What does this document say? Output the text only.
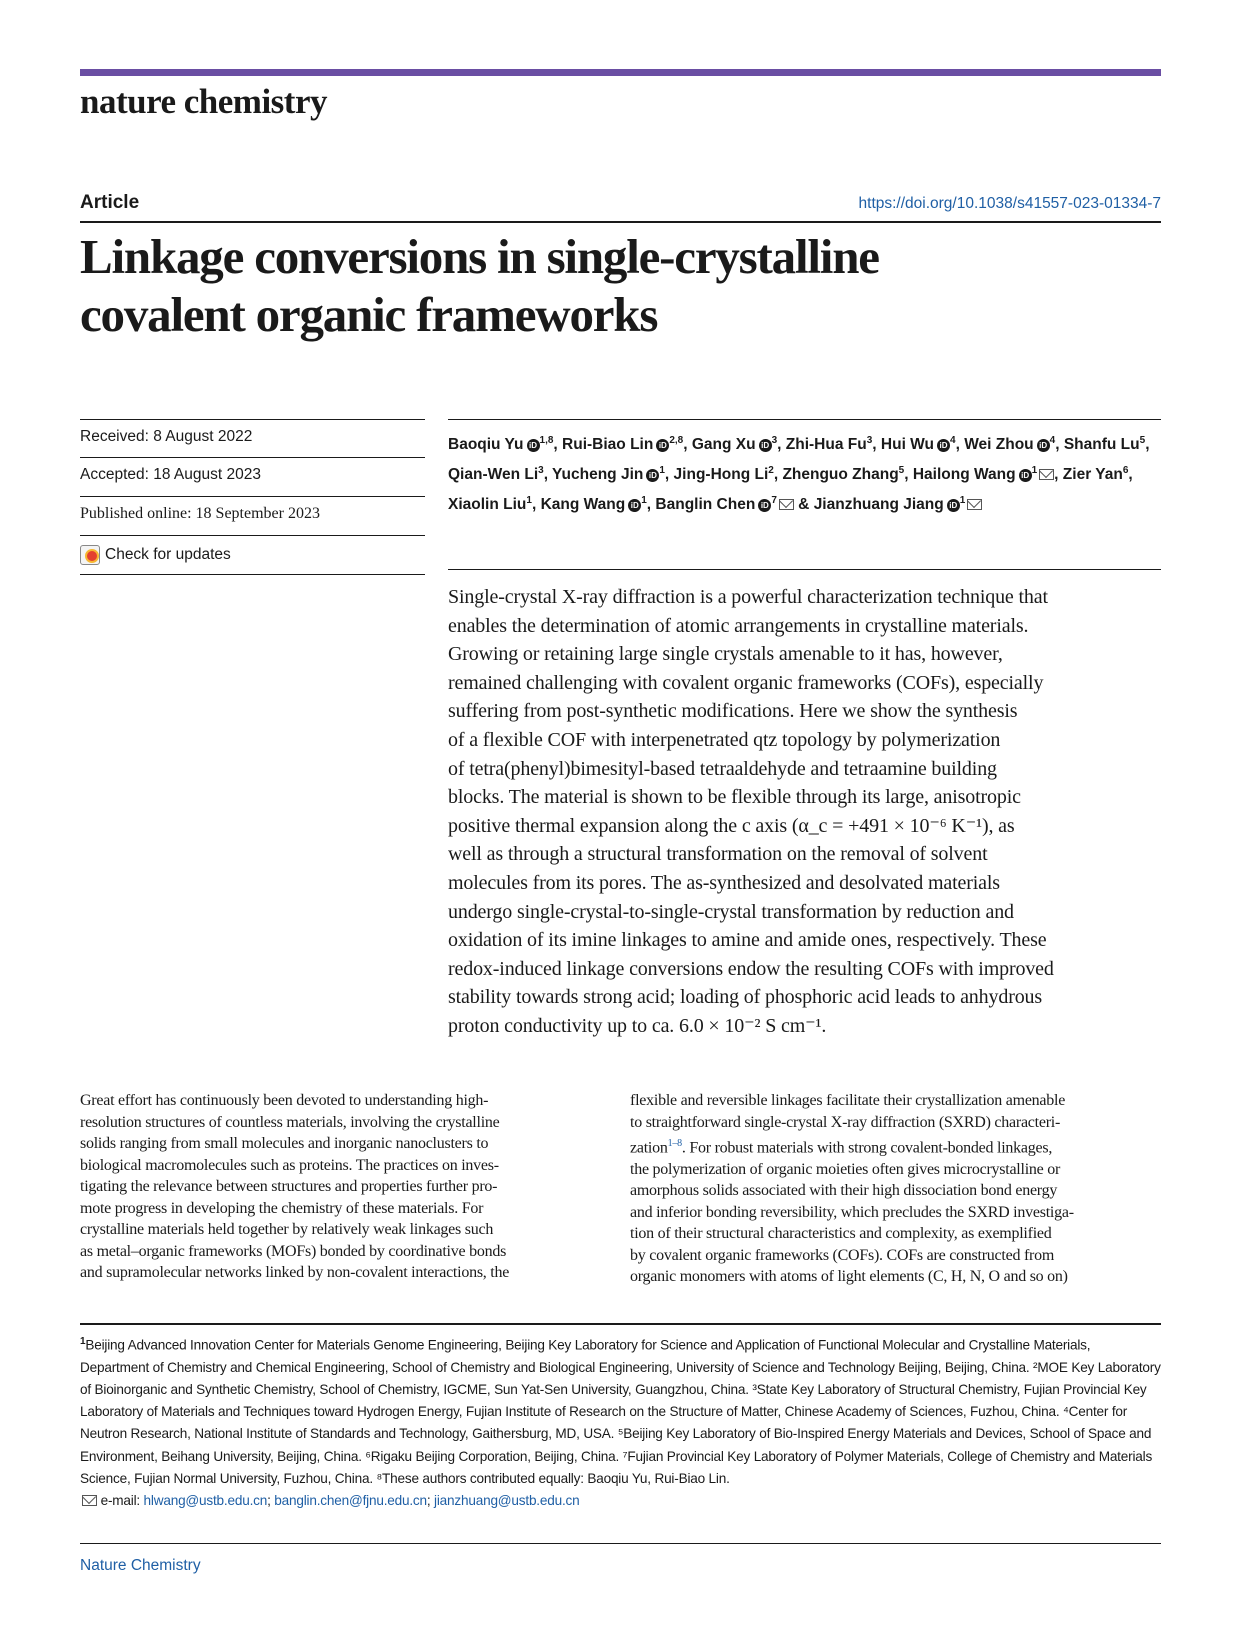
nature chemistry
Article	https://doi.org/10.1038/s41557-023-01334-7
Linkage conversions in single-crystalline
covalent organic frameworks
Received: 8 August 2022
Accepted: 18 August 2023
Published online: 18 September 2023
Check for updates
Baoqiu Yu iD $^{1,8}$, Rui-Biao Lin iD $^{2,8}$, Gang Xu iD $^3$, Zhi-Hua Fu$^3$, Hui Wu iD $^4$, Wei Zhou iD $^4$, Shanfu Lu$^5$, Qian-Wen Li$^3$, Yucheng Jin iD $^1$, Jing-Hong Li$^2$, Zhenguo Zhang$^5$, Hailong Wang iD $^1$ , Zier Yan$^6$, Xiaolin Liu$^1$, Kang Wang iD $^1$, Banglin Chen iD $^7$ & Jianzhuang Jiang iD $^1$
Single-crystal X-ray diffraction is a powerful characterization technique that
enables the determination of atomic arrangements in crystalline materials.
Growing or retaining large single crystals amenable to it has, however,
remained challenging with covalent organic frameworks (COFs), especially
suffering from post-synthetic modifications. Here we show the synthesis
of a flexible COF with interpenetrated qtz topology by polymerization
of tetra(phenyl)bimesityl-based tetraaldehyde and tetraamine building
blocks. The material is shown to be flexible through its large, anisotropic
positive thermal expansion along the c axis (α_c = +491 × 10⁻⁶ K⁻¹), as
well as through a structural transformation on the removal of solvent
molecules from its pores. The as-synthesized and desolvated materials
undergo single-crystal-to-single-crystal transformation by reduction and
oxidation of its imine linkages to amine and amide ones, respectively. These
redox-induced linkage conversions endow the resulting COFs with improved
stability towards strong acid; loading of phosphoric acid leads to anhydrous
proton conductivity up to ca. 6.0 × 10⁻² S cm⁻¹.
Great effort has continuously been devoted to understanding high-
resolution structures of countless materials, involving the crystalline
solids ranging from small molecules and inorganic nanoclusters to
biological macromolecules such as proteins. The practices on inves-
tigating the relevance between structures and properties further pro-
mote progress in developing the chemistry of these materials. For
crystalline materials held together by relatively weak linkages such
as metal–organic frameworks (MOFs) bonded by coordinative bonds
and supramolecular networks linked by non-covalent interactions, the
flexible and reversible linkages facilitate their crystallization amenable
to straightforward single-crystal X-ray diffraction (SXRD) characteri-
zation$^{1-8}$. For robust materials with strong covalent-bonded linkages,
the polymerization of organic moieties often gives microcrystalline or
amorphous solids associated with their high dissociation bond energy
and inferior bonding reversibility, which precludes the SXRD investiga-
tion of their structural characteristics and complexity, as exemplified
by covalent organic frameworks (COFs). COFs are constructed from
organic monomers with atoms of light elements (C, H, N, O and so on)
$^1$Beijing Advanced Innovation Center for Materials Genome Engineering, Beijing Key Laboratory for Science and Application of Functional Molecular and Crystalline Materials, Department of Chemistry and Chemical Engineering, School of Chemistry and Biological Engineering, University of Science and Technology Beijing, Beijing, China. ²MOE Key Laboratory of Bioinorganic and Synthetic Chemistry, School of Chemistry, IGCME, Sun Yat-Sen University, Guangzhou, China. ³State Key Laboratory of Structural Chemistry, Fujian Provincial Key Laboratory of Materials and Techniques toward Hydrogen Energy, Fujian Institute of Research on the Structure of Matter, Chinese Academy of Sciences, Fuzhou, China. ⁴Center for Neutron Research, National Institute of Standards and Technology, Gaithersburg, MD, USA. ⁵Beijing Key Laboratory of Bio-Inspired Energy Materials and Devices, School of Space and Environment, Beihang University, Beijing, China. ⁶Rigaku Beijing Corporation, Beijing, China. ⁷Fujian Provincial Key Laboratory of Polymer Materials, College of Chemistry and Materials Science, Fujian Normal University, Fuzhou, China. ⁸These authors contributed equally: Baoqiu Yu, Rui-Biao Lin.
e-mail: hlwang@ustb.edu.cn; banglin.chen@fjnu.edu.cn; jianzhuang@ustb.edu.cn
Nature Chemistry
